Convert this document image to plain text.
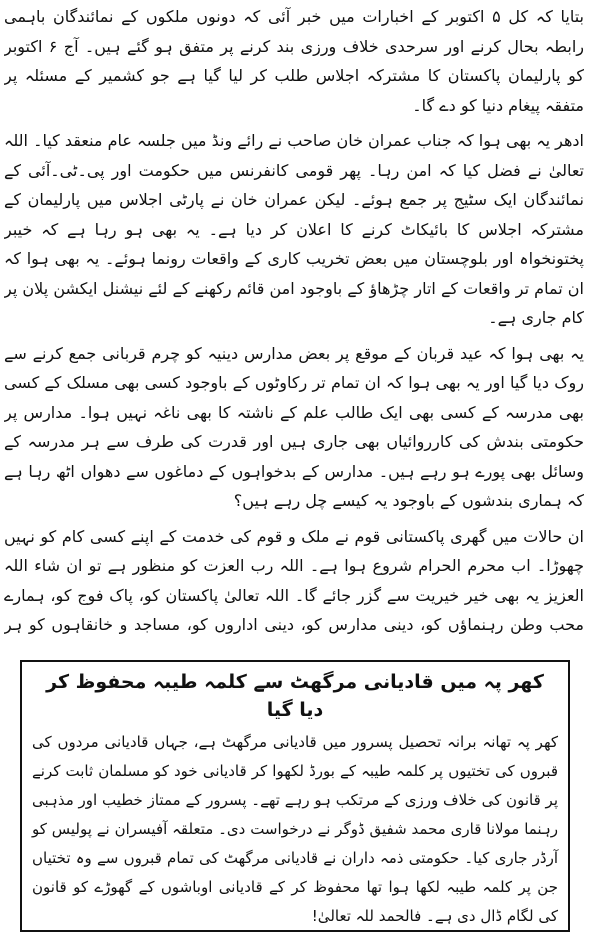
بتایا کہ کل ۵ اکتوبر کے اخبارات میں خبر آئی کہ دونوں ملکوں کے نمائندگان باہمی رابطہ بحال کرنے اور سرحدی خلاف ورزی بند کرنے پر متفق ہو گئے ہیں۔ آج ۶ اکتوبر کو پارلیمان پاکستان کا مشترکہ اجلاس طلب کر لیا گیا ہے جو کشمیر کے مسئلہ پر متفقہ پیغام دنیا کو دے گا۔

ادھر یہ بھی ہوا کہ جناب عمران خان صاحب نے رائے ونڈ میں جلسہ عام منعقد کیا۔ اللہ تعالیٰ نے فضل کیا کہ امن رہا۔ پھر قومی کانفرنس میں حکومت اور پی۔ٹی۔آئی کے نمائندگان ایک سٹیج پر جمع ہوئے۔ لیکن عمران خان نے پارٹی اجلاس میں پارلیمان کے مشترکہ اجلاس کا بائیکاٹ کرنے کا اعلان کر دیا ہے۔ یہ بھی ہو رہا ہے کہ خیبر پختونخواہ اور بلوچستان میں بعض تخریب کاری کے واقعات رونما ہوئے۔ یہ بھی ہوا کہ ان تمام تر واقعات کے اتار چڑھاؤ کے باوجود امن قائم رکھنے کے لئے نیشنل ایکشن پلان پر کام جاری ہے۔

یہ بھی ہوا کہ عید قربان کے موقع پر بعض مدارس دینیہ کو چرم قربانی جمع کرنے سے روک دیا گیا اور یہ بھی ہوا کہ ان تمام تر رکاوٹوں کے باوجود کسی بھی مسلک کے کسی بھی مدرسہ کے کسی بھی ایک طالب علم کے ناشتہ کا بھی ناغہ نہیں ہوا۔ مدارس پر حکومتی بندش کی کارروائیاں بھی جاری ہیں اور قدرت کی طرف سے ہر مدرسہ کے وسائل بھی پورے ہو رہے ہیں۔ مدارس کے بدخواہوں کے دماغوں سے دھواں اٹھ رہا ہے کہ ہماری بندشوں کے باوجود یہ کیسے چل رہے ہیں؟

ان حالات میں گھری پاکستانی قوم نے ملک و قوم کی خدمت کے اپنے کسی کام کو نہیں چھوڑا۔ اب محرم الحرام شروع ہوا ہے۔ اللہ رب العزت کو منظور ہے تو ان شاء اللہ العزیز یہ بھی خیر خیریت سے گزر جائے گا۔ اللہ تعالیٰ پاکستان کو، پاک فوج کو، ہمارے محب وطن رہنماؤں کو، دینی مدارس کو، دینی اداروں کو، مساجد و خانقاہوں کو ہر

کھر پہ میں قادیانی مرگھٹ سے کلمہ طیبہ محفوظ کر دیا گیا

کھر پہ تھانہ برانہ تحصیل پسرور میں قادیانی مرگھٹ ہے، جہاں قادیانی مردوں کی قبروں کی تختیوں پر کلمہ طیبہ کے بورڈ لکھوا کر قادیانی خود کو مسلمان ثابت کرنے پر قانون کی خلاف ورزی کے مرتکب ہو رہے تھے۔ پسرور کے ممتاز خطیب اور مذہبی رہنما مولانا قاری محمد شفیق ڈوگر نے درخواست دی۔ متعلقہ آفیسران نے پولیس کو آرڈر جاری کیا۔ حکومتی ذمہ داران نے قادیانی مرگھٹ کی تمام قبروں سے وہ تختیاں جن پر کلمہ طیبہ لکھا ہوا تھا محفوظ کر کے قادیانی اوباشوں کے گھوڑے کو قانون کی لگام ڈال دی ہے۔ فالحمد للہ تعالیٰ!
